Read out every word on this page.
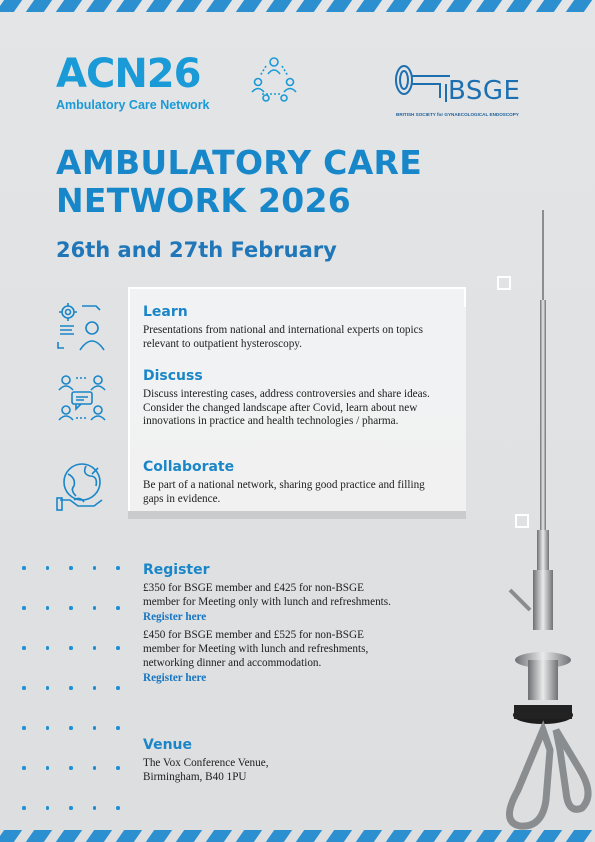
ACN26
Ambulatory Care Network	BSGE
BRITISH SOCIETY for GYNAECOLOGICAL ENDOSCOPY
AMBULATORY CARE
NETWORK 2026
26th and 27th February
Learn
Presentations from national and international experts on topics relevant to outpatient hysteroscopy.
Discuss
Discuss interesting cases, address controversies and share ideas. Consider the changed landscape after Covid, learn about new innovations in practice and health technologies / pharma.
Collaborate
Be part of a national network, sharing good practice and filling gaps in evidence.
Register
£350 for BSGE member and £425 for non-BSGE member for Meeting only with lunch and refreshments.
Register here
£450 for BSGE member and £525 for non-BSGE member for Meeting with lunch and refreshments, networking dinner and accommodation.
Register here
Venue
The Vox Conference Venue,
Birmingham, B40 1PU
